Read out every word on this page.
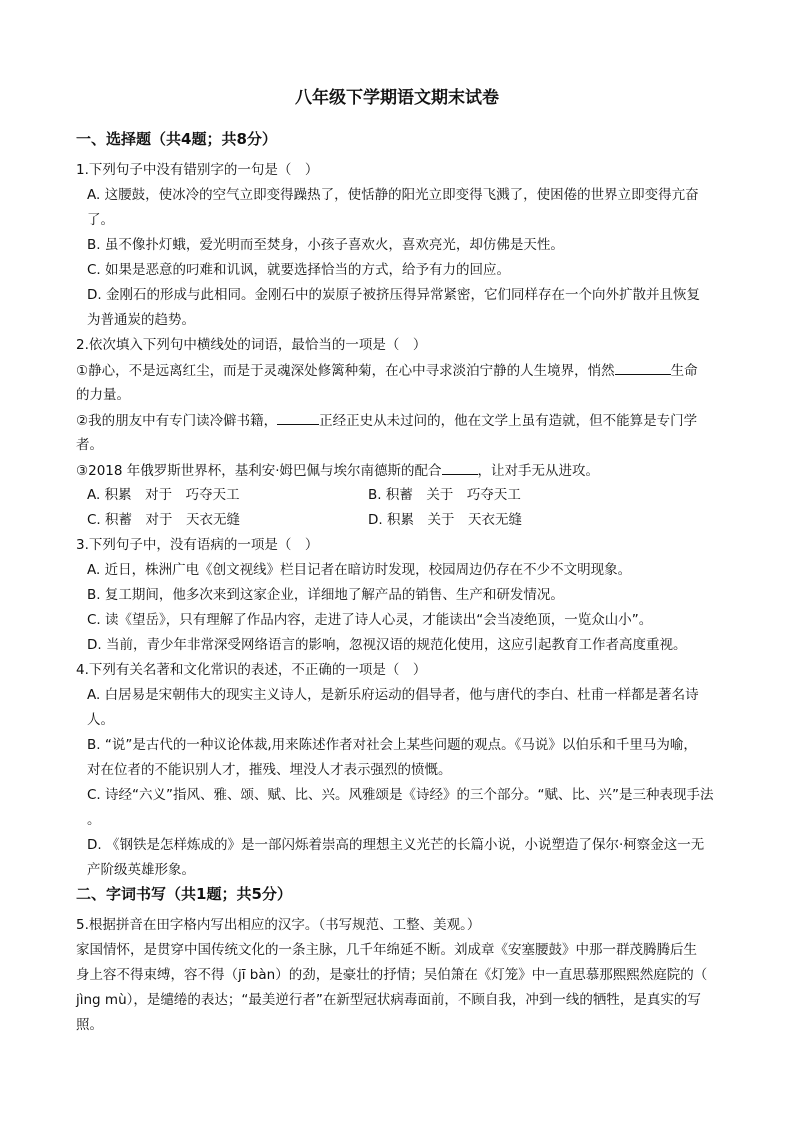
八年级下学期语文期末试卷
一、选择题（共4题；共8分）
1.下列句子中没有错别字的一句是（　）
A. 这腰鼓，使冰冷的空气立即变得躁热了，使恬静的阳光立即变得飞溅了，使困倦的世界立即变得亢奋
了。
B. 虽不像扑灯蛾，爱光明而至焚身，小孩子喜欢火，喜欢亮光，却仿佛是天性。
C. 如果是恶意的叼难和讥讽，就要选择恰当的方式，给予有力的回应。
D. 金刚石的形成与此相同。金刚石中的炭原子被挤压得异常紧密，它们同样存在一个向外扩散并且恢复
为普通炭的趋势。
2.依次填入下列句中横线处的词语，最恰当的一项是（　）
①静心，不是远离红尘，而是于灵魂深处修篱种菊，在心中寻求淡泊宁静的人生境界，悄然	生命
的力量。
②我的朋友中有专门读冷僻书籍，	正经正史从未过问的，他在文学上虽有造就，但不能算是专门学
者。
③2018 年俄罗斯世界杯，基利安·姆巴佩与埃尔南德斯的配合	，让对手无从进攻。
A. 积累　对于　巧夺天工	B. 积蓄　关于　巧夺天工
C. 积蓄　对于　天衣无缝	D. 积累　关于　天衣无缝
3.下列句子中，没有语病的一项是（　）
A. 近日，株洲广电《创文视线》栏目记者在暗访时发现，校园周边仍存在不少不文明现象。
B. 复工期间，他多次来到这家企业，详细地了解产品的销售、生产和研发情况。
C. 读《望岳》，只有理解了作品内容，走进了诗人心灵，才能读出“会当凌绝顶，一览众山小”。
D. 当前，青少年非常深受网络语言的影响，忽视汉语的规范化使用，这应引起教育工作者高度重视。
4.下列有关名著和文化常识的表述，不正确的一项是（　）
A. 白居易是宋朝伟大的现实主义诗人，是新乐府运动的倡导者，他与唐代的李白、杜甫一样都是著名诗
人。
B. “说”是古代的一种议论体裁,用来陈述作者对社会上某些问题的观点。《马说》以伯乐和千里马为喻，
对在位者的不能识别人才，摧残、埋没人才表示强烈的愤慨。
C. 诗经“六义”指风、雅、颂、赋、比、兴。风雅颂是《诗经》的三个部分。“赋、比、兴”是三种表现手法
。
D. 《钢铁是怎样炼成的》是一部闪烁着崇高的理想主义光芒的长篇小说，小说塑造了保尔·柯察金这一无
产阶级英雄形象。
二、字词书写（共1题；共5分）
5.根据拼音在田字格内写出相应的汉字。（书写规范、工整、美观。）
家国情怀，是贯穿中国传统文化的一条主脉，几千年绵延不断。刘成章《安塞腰鼓》中那一群茂腾腾后生
身上容不得束缚，容不得（jī bàn）的劲，是豪壮的抒情；吴伯箫在《灯笼》中一直思慕那熙熙然庭院的（
jìng mù），是缱绻的表达；“最美逆行者”在新型冠状病毒面前，不顾自我，冲到一线的牺牲，是真实的写
照。
